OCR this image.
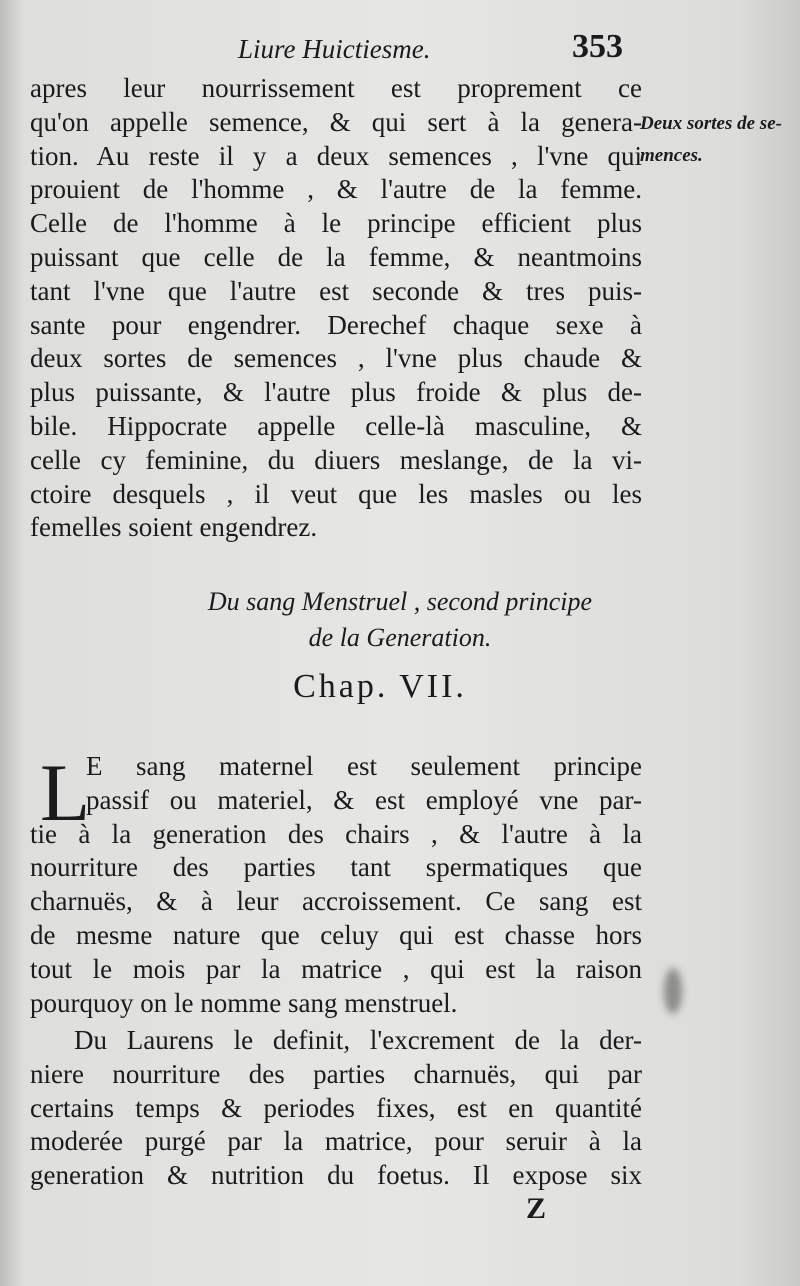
Liure Huictiesme.	353
apres leur nourrissement est proprement ce
qu'on appelle semence, & qui sert à la genera-
tion. Au reste il y a deux semences , l'vne qui
prouient de l'homme , & l'autre de la femme.
Celle de l'homme à le principe efficient plus
puissant que celle de la femme, & neantmoins
tant l'vne que l'autre est seconde & tres puis-
sante pour engendrer. Derechef chaque sexe à
deux sortes de semences , l'vne plus chaude &
plus puissante, & l'autre plus froide & plus de-
bile. Hippocrate appelle celle-là masculine, &
celle cy feminine, du diuers meslange, de la vi-
ctoire desquels , il veut que les masles ou les
femelles soient engendrez.
Deux sortes de se-
mences.
Du sang Menstruel , second principe
de la Generation.
Chap. VII.
L
E sang maternel est seulement principe
passif ou materiel, & est employé vne par-
tie à la generation des chairs , & l'autre à la
nourriture des parties tant spermatiques que
charnuës, & à leur accroissement. Ce sang est
de mesme nature que celuy qui est chasse hors
tout le mois par la matrice , qui est la raison
pourquoy on le nomme sang menstruel.
Du Laurens le definit, l'excrement de la der-
niere nourriture des parties charnuës, qui par
certains temps & periodes fixes, est en quantité
moderée purgé par la matrice, pour seruir à la
generation & nutrition du foetus. Il expose six
Z
